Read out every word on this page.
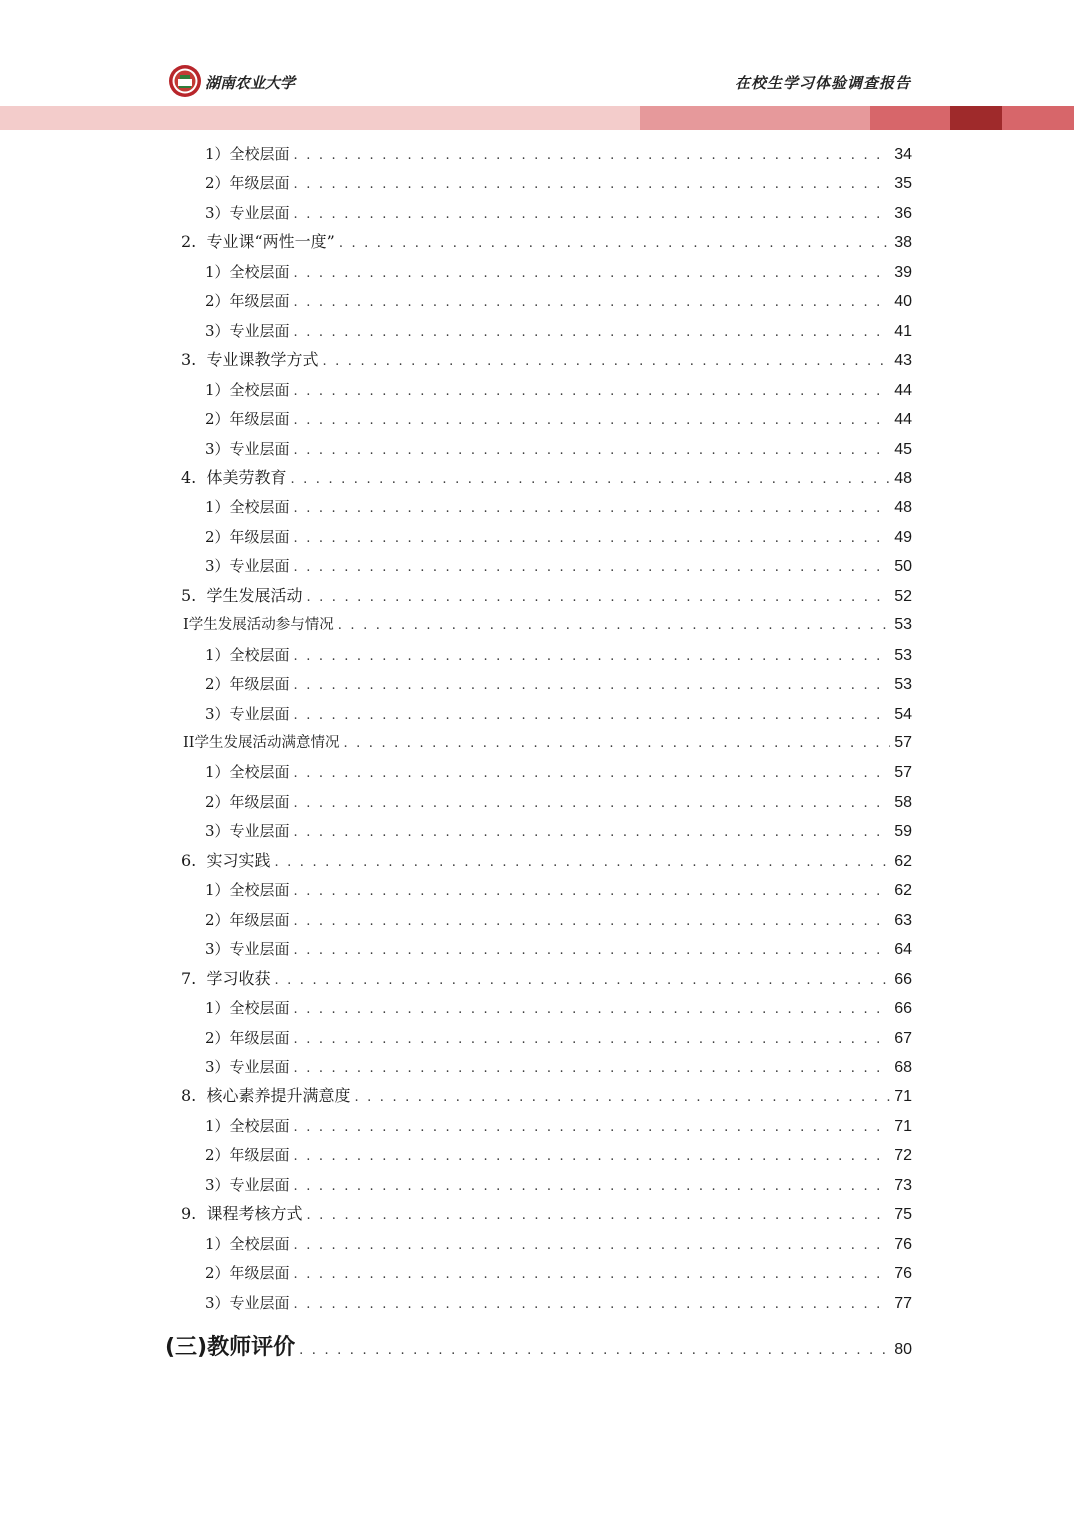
湖南农业大学	在校生学习体验调查报告
1）全校层面 . . .	34
2）年级层面 . . .	35
3）专业层面 . . .	36
2.  专业课“两性一度” . . .	38
1）全校层面 . . .	39
2）年级层面 . . .	40
3）专业层面 . . .	41
3.  专业课教学方式 . . .	43
1）全校层面 . . .	44
2）年级层面 . . .	44
3）专业层面 . . .	45
4.  体美劳教育 . . .	48
1）全校层面 . . .	48
2）年级层面 . . .	49
3）专业层面 . . .	50
5.  学生发展活动 . . .	52
I学生发展活动参与情况 . . .	53
1）全校层面 . . .	53
2）年级层面 . . .	53
3）专业层面 . . .	54
II学生发展活动满意情况 . . .	57
1）全校层面 . . .	57
2）年级层面 . . .	58
3）专业层面 . . .	59
6.  实习实践 . . .	62
1）全校层面 . . .	62
2）年级层面 . . .	63
3）专业层面 . . .	64
7.  学习收获 . . .	66
1）全校层面 . . .	66
2）年级层面 . . .	67
3）专业层面 . . .	68
8.  核心素养提升满意度 . . .	71
1）全校层面 . . .	71
2）年级层面 . . .	72
3）专业层面 . . .	73
9.  课程考核方式 . . .	75
1）全校层面 . . .	76
2）年级层面 . . .	76
3）专业层面 . . .	77
(三)教师评价 . . .	80
